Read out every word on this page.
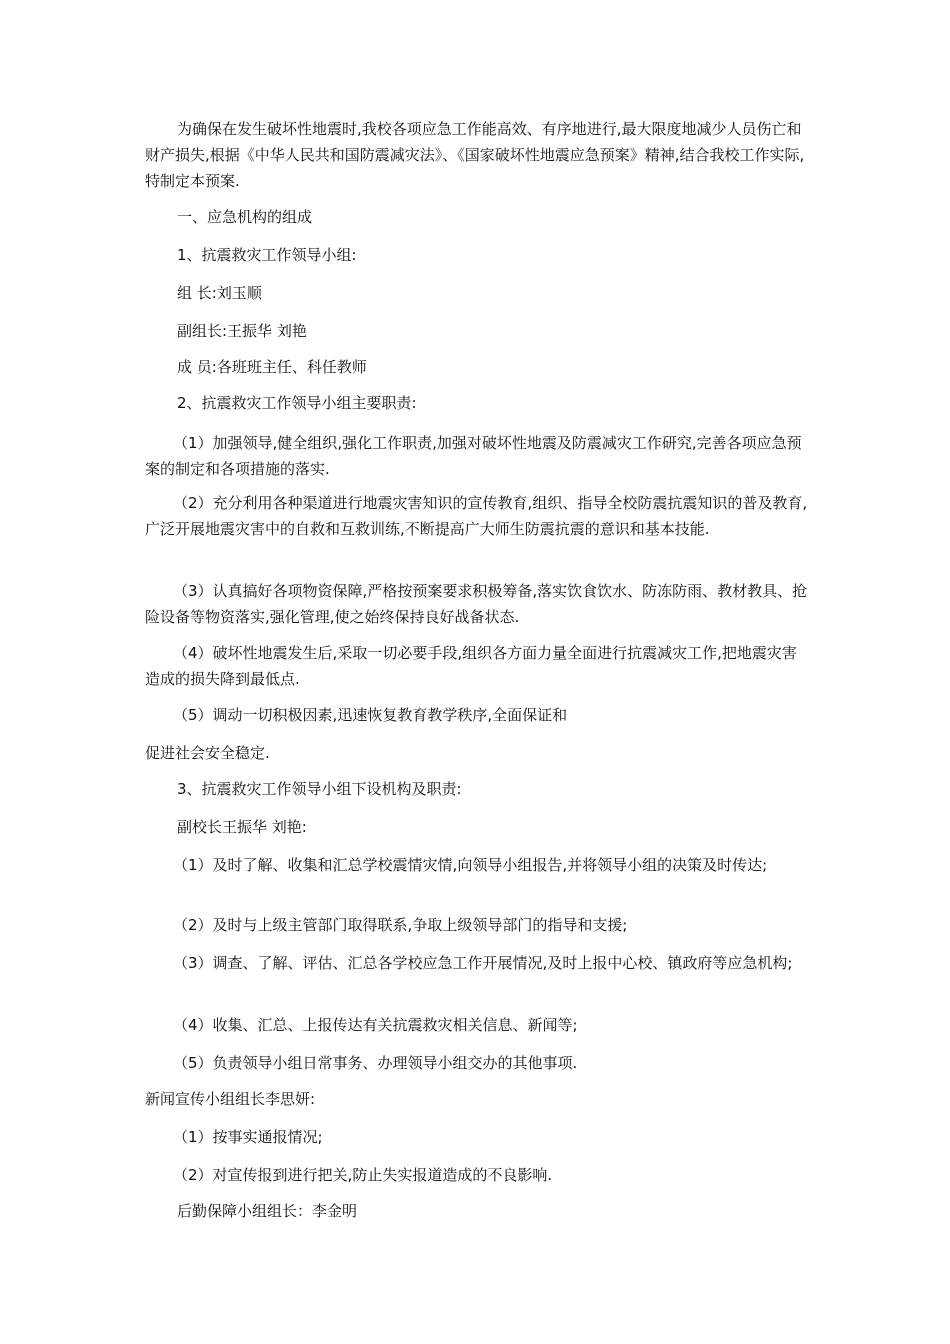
为确保在发生破坏性地震时,我校各项应急工作能高效、有序地进行,最大限度地减少人员伤亡和财产损失,根据《中华人民共和国防震减灾法》、《国家破坏性地震应急预案》精神,结合我校工作实际,特制定本预案.

一、应急机构的组成

1、抗震救灾工作领导小组:

组 长:刘玉顺

副组长:王振华 刘艳

成 员:各班班主任、科任教师

2、抗震救灾工作领导小组主要职责:

（1）加强领导,健全组织,强化工作职责,加强对破坏性地震及防震减灾工作研究,完善各项应急预案的制定和各项措施的落实.

（2）充分利用各种渠道进行地震灾害知识的宣传教育,组织、指导全校防震抗震知识的普及教育,广泛开展地震灾害中的自救和互救训练,不断提高广大师生防震抗震的意识和基本技能.

（3）认真搞好各项物资保障,严格按预案要求积极筹备,落实饮食饮水、防冻防雨、教材教具、抢险设备等物资落实,强化管理,使之始终保持良好战备状态.

（4）破坏性地震发生后,采取一切必要手段,组织各方面力量全面进行抗震减灾工作,把地震灾害造成的损失降到最低点.

（5）调动一切积极因素,迅速恢复教育教学秩序,全面保证和

促进社会安全稳定.

3、抗震救灾工作领导小组下设机构及职责:

副校长王振华 刘艳:

（1）及时了解、收集和汇总学校震情灾情,向领导小组报告,并将领导小组的决策及时传达;

（2）及时与上级主管部门取得联系,争取上级领导部门的指导和支援;

（3）调查、了解、评估、汇总各学校应急工作开展情况,及时上报中心校、镇政府等应急机构;

（4）收集、汇总、上报传达有关抗震救灾相关信息、新闻等;

（5）负责领导小组日常事务、办理领导小组交办的其他事项.

新闻宣传小组组长李思妍:

（1）按事实通报情况;

（2）对宣传报到进行把关,防止失实报道造成的不良影响.

后勤保障小组组长：李金明
